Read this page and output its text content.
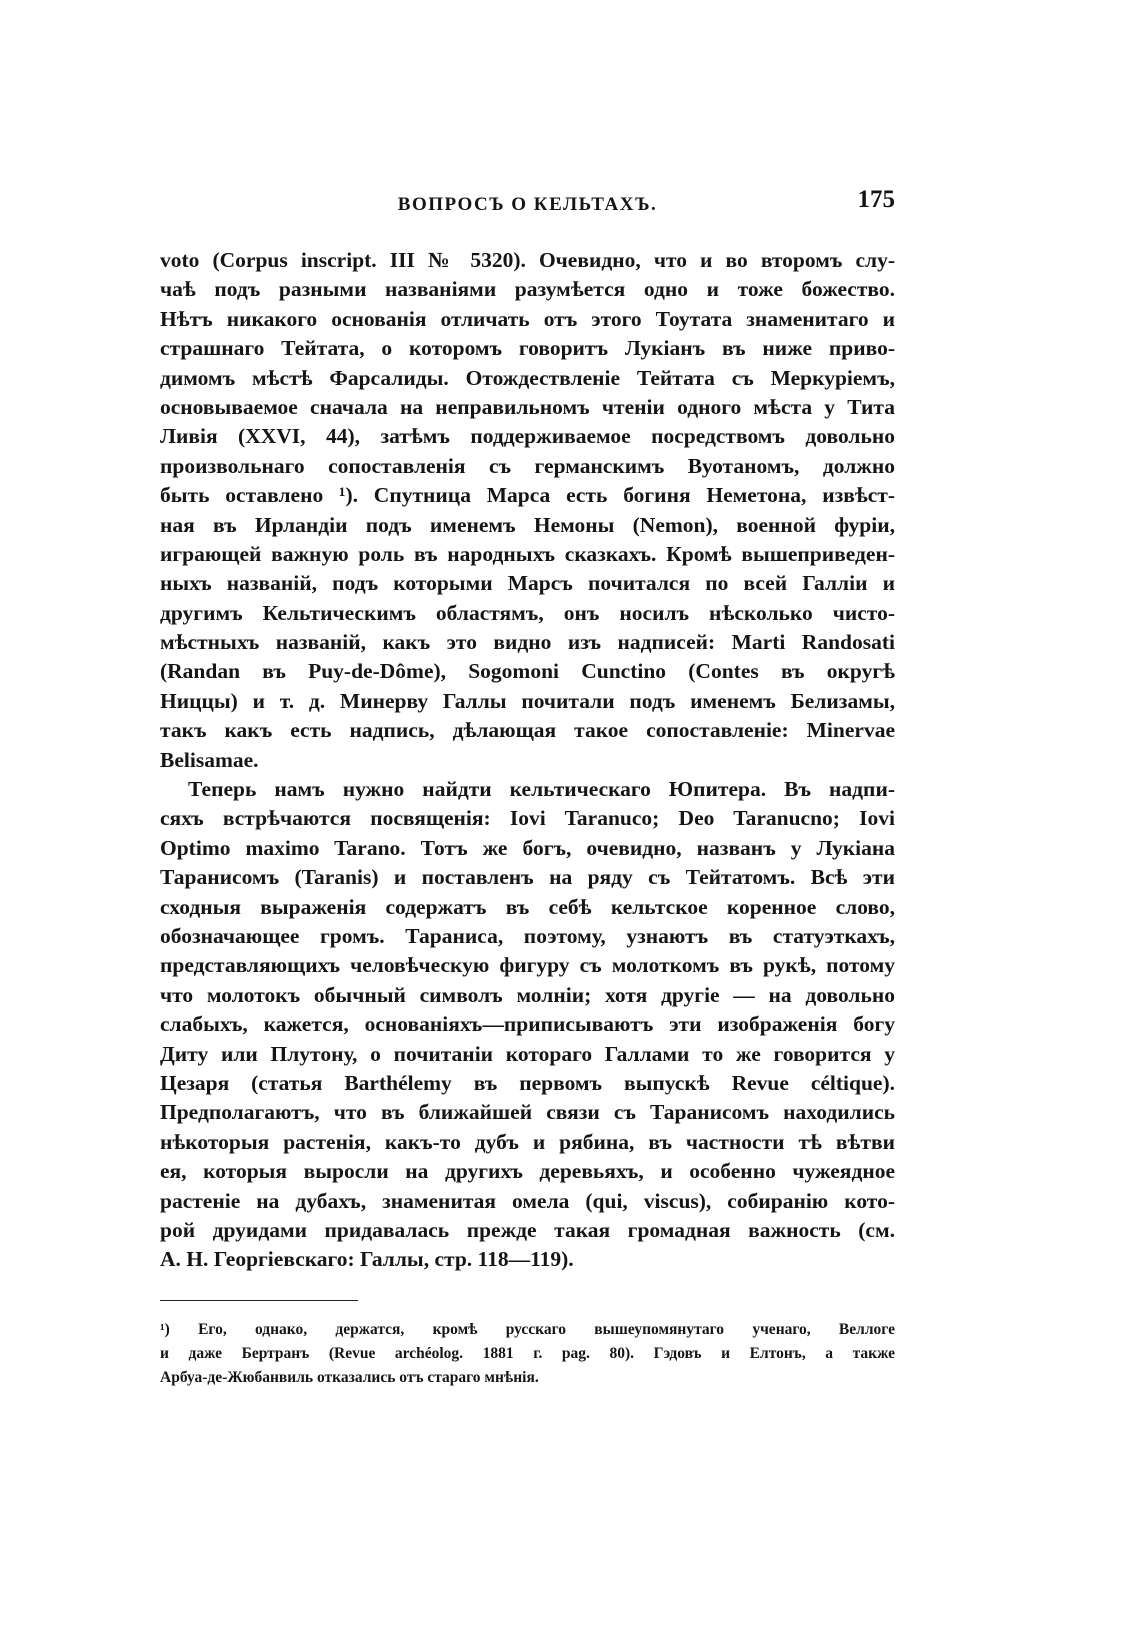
ВОПРОСЪ О КЕЛЬТАХЪ.	175
voto (Corpus inscript. III № 5320). Очевидно, что и во второмъ слу-
чаѣ подъ разными названіями разумѣется одно и тоже божество.
Нѣтъ никакого основанія отличать отъ этого Тоутата знаменитаго и
страшнаго Тейтата, о которомъ говоритъ Лукіанъ въ ниже приво-
димомъ мѣстѣ Фарсалиды. Отождествленіе Тейтата съ Меркуріемъ,
основываемое сначала на неправильномъ чтеніи одного мѣста у Тита
Ливія (XXVI, 44), затѣмъ поддерживаемое посредствомъ довольно
произвольнаго сопоставленія съ германскимъ Вуотаномъ, должно
быть оставлено ¹). Спутница Марса есть богиня Неметона, извѣст-
ная въ Ирландіи подъ именемъ Немоны (Nemon), военной фуріи,
играющей важную роль въ народныхъ сказкахъ. Кромѣ вышеприведен-
ныхъ названій, подъ которыми Марсъ почитался по всей Галліи и
другимъ Кельтическимъ областямъ, онъ носилъ нѣсколько чисто-
мѣстныхъ названій, какъ это видно изъ надписей: Marti Randosati
(Randan въ Puy-de-Dôme), Sogomoni Cunctino (Contes въ округѣ
Ниццы) и т. д. Минерву Галлы почитали подъ именемъ Белизамы,
такъ какъ есть надпись, дѣлающая такое сопоставленіе: Minervae
Belisamae.
Теперь намъ нужно найдти кельтическаго Юпитера. Въ надпи-
сяхъ встрѣчаются посвященія: Iovi Taranuco; Deo Taranucno; Iovi
Optimo maximo Tarano. Тотъ же богъ, очевидно, названъ у Лукіана
Таранисомъ (Taranis) и поставленъ на ряду съ Тейтатомъ. Всѣ эти
сходныя выраженія содержатъ въ себѣ кельтское коренное слово,
обозначающее громъ. Тараниса, поэтому, узнаютъ въ статуэткахъ,
представляющихъ человѣческую фигуру съ молоткомъ въ рукѣ, потому
что молотокъ обычный символъ молніи; хотя другіе — на довольно
слабыхъ, кажется, основаніяхъ—приписываютъ эти изображенія богу
Диту или Плутону, о почитаніи котораго Галлами то же говорится у
Цезаря (статья Barthélemy въ первомъ выпускѣ Revue céltique).
Предполагаютъ, что въ ближайшей связи съ Таранисомъ находились
нѣкоторыя растенія, какъ-то дубъ и рябина, въ частности тѣ вѣтви
ея, которыя выросли на другихъ деревьяхъ, и особенно чужеядное
растеніе на дубахъ, знаменитая омела (qui, viscus), собиранію кото-
рой друидами придавалась прежде такая громадная важность (см.
А. Н. Георгіевскаго: Галлы, стр. 118—119).
¹) Его, однако, держатся, кромѣ русскаго вышеупомянутаго ученаго, Веллоге
и даже Бертранъ (Revue archéolog. 1881 г. pag. 80). Гэдовъ и Елтонъ, а также
Арбуа-де-Жюбанвиль отказались отъ стараго мнѣнія.
